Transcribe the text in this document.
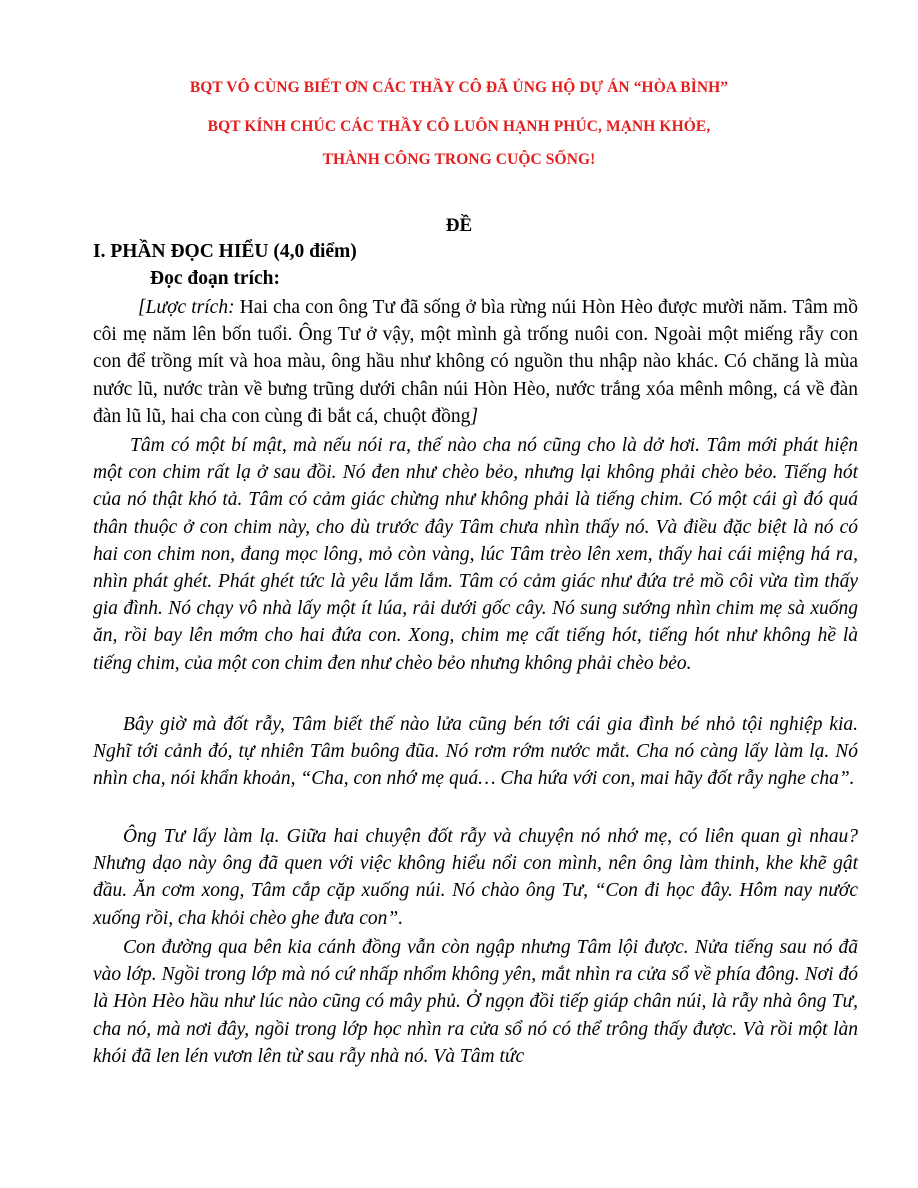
BQT VÔ CÙNG BIẾT ƠN CÁC THẦY CÔ ĐÃ ỦNG HỘ DỰ ÁN “HÒA BÌNH”
BQT KÍNH CHÚC CÁC THẦY CÔ LUÔN HẠNH PHÚC, MẠNH KHỎE,
THÀNH CÔNG TRONG CUỘC SỐNG!
ĐỀ
I. PHẦN ĐỌC HIỂU (4,0 điểm)
Đọc đoạn trích:

[Lược trích: Hai cha con ông Tư đã sống ở bìa rừng núi Hòn Hèo được mười năm. Tâm mồ côi mẹ năm lên bốn tuổi. Ông Tư ở vậy, một mình gà trống nuôi con. Ngoài một miếng rẫy con con để trồng mít và hoa màu, ông hầu như không có nguồn thu nhập nào khác. Có chăng là mùa nước lũ, nước tràn về bưng trũng dưới chân núi Hòn Hèo, nước trắng xóa mênh mông, cá về đàn đàn lũ lũ, hai cha con cùng đi bắt cá, chuột đồng]

Tâm có một bí mật, mà nếu nói ra, thế nào cha nó cũng cho là dở hơi. Tâm mới phát hiện một con chim rất lạ ở sau đồi. Nó đen như chèo bẻo, nhưng lại không phải chèo bẻo. Tiếng hót của nó thật khó tả. Tâm có cảm giác chừng như không phải là tiếng chim. Có một cái gì đó quá thân thuộc ở con chim này, cho dù trước đây Tâm chưa nhìn thấy nó. Và điều đặc biệt là nó có hai con chim non, đang mọc lông, mỏ còn vàng, lúc Tâm trèo lên xem, thấy hai cái miệng há ra, nhìn phát ghét. Phát ghét tức là yêu lắm lắm. Tâm có cảm giác như đứa trẻ mồ côi vừa tìm thấy gia đình. Nó chạy vô nhà lấy một ít lúa, rải dưới gốc cây. Nó sung sướng nhìn chim mẹ sà xuống ăn, rồi bay lên mớm cho hai đứa con. Xong, chim mẹ cất tiếng hót, tiếng hót như không hề là tiếng chim, của một con chim đen như chèo bẻo nhưng không phải chèo bẻo.

Bây giờ mà đốt rẫy, Tâm biết thế nào lửa cũng bén tới cái gia đình bé nhỏ tội nghiệp kia. Nghĩ tới cảnh đó, tự nhiên Tâm buông đũa. Nó rơm rớm nước mắt. Cha nó càng lấy làm lạ. Nó nhìn cha, nói khẩn khoản, “Cha, con nhớ mẹ quá… Cha hứa với con, mai hãy đốt rẫy nghe cha”.

Ông Tư lấy làm lạ. Giữa hai chuyện đốt rẫy và chuyện nó nhớ mẹ, có liên quan gì nhau? Nhưng dạo này ông đã quen với việc không hiểu nổi con mình, nên ông làm thinh, khe khẽ gật đầu. Ăn cơm xong, Tâm cắp cặp xuống núi. Nó chào ông Tư, “Con đi học đây. Hôm nay nước xuống rồi, cha khỏi chèo ghe đưa con”.

Con đường qua bên kia cánh đồng vẫn còn ngập nhưng Tâm lội được. Nửa tiếng sau nó đã vào lớp. Ngồi trong lớp mà nó cứ nhấp nhổm không yên, mắt nhìn ra cửa sổ về phía đông. Nơi đó là Hòn Hèo hầu như lúc nào cũng có mây phủ. Ở ngọn đồi tiếp giáp chân núi, là rẫy nhà ông Tư, cha nó, mà nơi đây, ngồi trong lớp học nhìn ra cửa sổ nó có thể trông thấy được. Và rồi một làn khói đã len lén vươn lên từ sau rẫy nhà nó. Và Tâm tức
